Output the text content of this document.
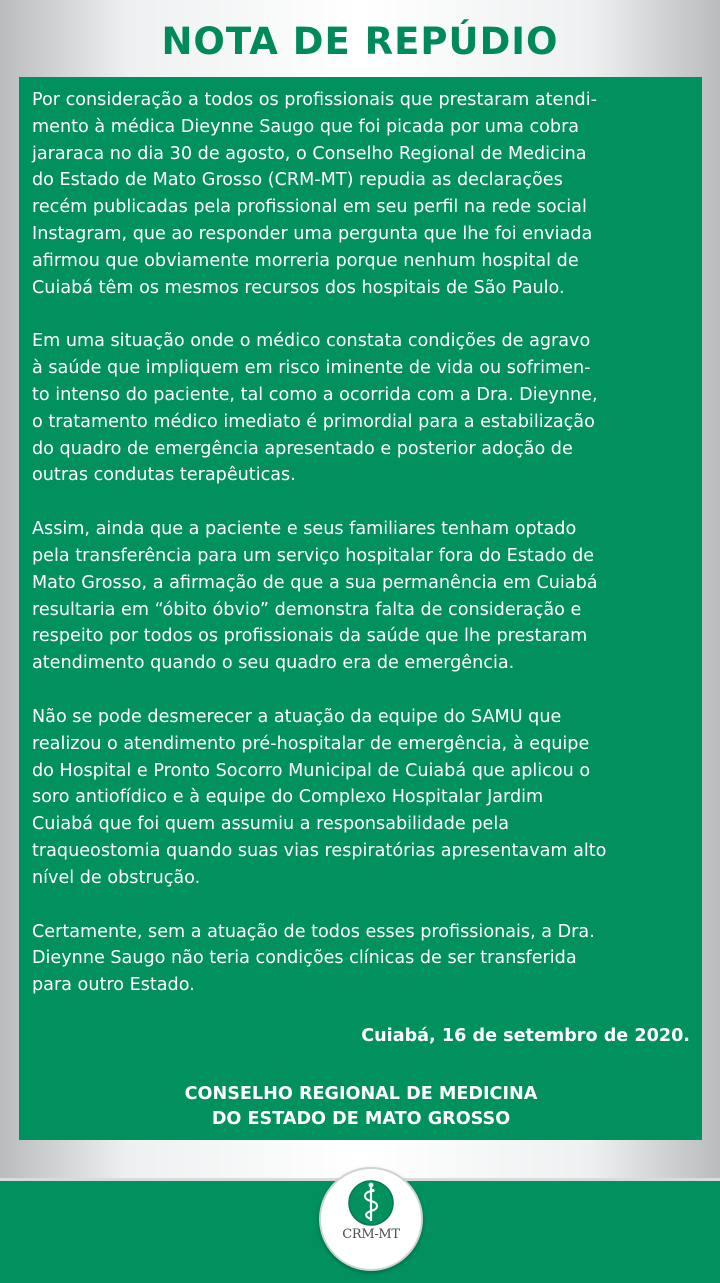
NOTA DE REPÚDIO

Por consideração a todos os profissionais que prestaram atendi-
mento à médica Dieynne Saugo que foi picada por uma cobra
jararaca no dia 30 de agosto, o Conselho Regional de Medicina
do Estado de Mato Grosso (CRM-MT) repudia as declarações
recém publicadas pela profissional em seu perfil na rede social
Instagram, que ao responder uma pergunta que lhe foi enviada
afirmou que obviamente morreria porque nenhum hospital de
Cuiabá têm os mesmos recursos dos hospitais de São Paulo.

Em uma situação onde o médico constata condições de agravo
à saúde que impliquem em risco iminente de vida ou sofrimen-
to intenso do paciente, tal como a ocorrida com a Dra. Dieynne,
o tratamento médico imediato é primordial para a estabilização
do quadro de emergência apresentado e posterior adoção de
outras condutas terapêuticas.

Assim, ainda que a paciente e seus familiares tenham optado
pela transferência para um serviço hospitalar fora do Estado de
Mato Grosso, a afirmação de que a sua permanência em Cuiabá
resultaria em “óbito óbvio” demonstra falta de consideração e
respeito por todos os profissionais da saúde que lhe prestaram
atendimento quando o seu quadro era de emergência.

Não se pode desmerecer a atuação da equipe do SAMU que
realizou o atendimento pré-hospitalar de emergência, à equipe
do Hospital e Pronto Socorro Municipal de Cuiabá que aplicou o
soro antiofídico e à equipe do Complexo Hospitalar Jardim
Cuiabá que foi quem assumiu a responsabilidade pela
traqueostomia quando suas vias respiratórias apresentavam alto
nível de obstrução.

Certamente, sem a atuação de todos esses profissionais, a Dra.
Dieynne Saugo não teria condições clínicas de ser transferida
para outro Estado.

Cuiabá, 16 de setembro de 2020.

CONSELHO REGIONAL DE MEDICINA
DO ESTADO DE MATO GROSSO
CRM-MT
